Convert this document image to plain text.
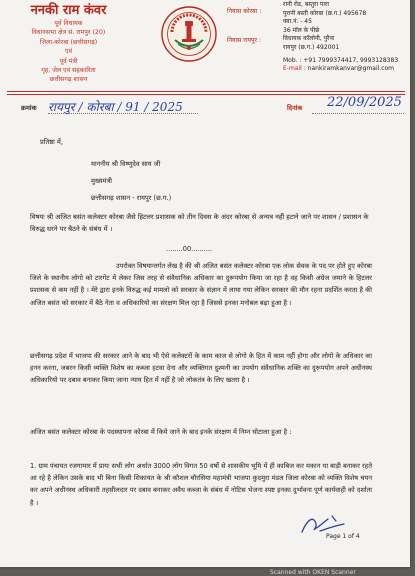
ननकी राम कंवर
पूर्व विधायक
विधानसभा क्षेत्र सं. रामपुर (20)
जिला-कोरबा (छत्तीसगढ़)
एवं
पूर्व मंत्री
गृह, जेल एवं सहकारिता
छत्तीसगढ़ शासन
निवास कोरबा :
निवास रायपुर :
रानी रोड, बस्तुरा पारा
पुरानी बस्ती कोरबा (छ.ग.) 495678
क्वा.नं. - 45
36 मॉल के पीछे
विधायक कॉलोनी, पुरैना
रायपुर (छ.ग.) 492001
Mob. : +91 7999374417, 9993128383
E-mail : nankiramkanvar@gmail.com
क्रमांक रायपुर / कोरबा / 91 / 2025	दिनांक 22/09/2025
प्रतिष्ठा में,
माननीय श्री विष्णुदेव साय जी
मुख्यमंत्री
छत्तीसगढ़ शासन - रायपुर (छ.ग.)
विषयः श्री अजित बसंत कलेक्टर कोरबा जैसे हिटलर प्रशासक को तीन दिवस के अंदर कोरबा से अन्यत्र नहीं हटाने जाने पर शासन / प्रशासन के विरुद्ध धरने पर बैठने के संबंध में ।
........00..........
उपरोक्त विषयान्तर्गत लेख है की श्री अजित बसंत कलेक्टर कोरबा एक लोक सेवक के पद पर होते हुए कोरबा जिले के स्थानीय लोगो को टारगेट में लेकर जिस तरह से संवैधानिक अधिकार का दुरूपयोग किया जा रहा है वह किसी अंग्रेज जमाने के हिटलर प्रशासक से कम नहीं है । मेरे द्वारा इनके विरुद्ध कई मामलो को सरकार के संज्ञान में लाया गया लेकिन सरकार की मौन रहना प्रदर्शित करता है की अजित बसंत को सरकार में बैठे नेता व अधिकारियो का संरक्षण मिल रहा है जिससे इनका मनोबल बढ़ा हुआ है ।
छत्तीसगढ़ प्रदेश में भाजपा की सरकार आने के बाद भी ऐसे कलेक्टरों के काम काज से लोगो के हित में काम नहीं होगा और लोगो के अधिकार का हनन करना, जबरन किसी व्यक्ति विशेष का कब्जा हटवा देना और व्यक्तिगत दुश्मनी का उपयोग संवैधानिक शक्ति का दुरूपयोग अपने अधीनस्थ अधिकारियो पर दबाव बनाकर किया जाना न्याय हित में नहीं है जो लोकतंत्र के लिए खतरा है ।
अजित बसंत कलेक्टर कोरबा के पदस्थापना कोरबा में किये जाने के बाद इनके संरक्षण में निम्न घोटाला हुआ है :
1. ग्राम पंचायत रजगामार में प्रायः सभी लोग अर्थात 3000 लोग विगत 50 वर्षो से शासकीय भूमि में ही काबिज कर मकान या बाड़ी बनाकर रहते आ रहे है लेकिन उसके बाद भी बिना किसी शिकायत के श्री कौशल चौरसिया महामंत्री भाजपा कुदमुरा मंडल जिला कोरबा को व्यक्ति विशेष चयन कर अपने अधीनस्थ अधिकारी तहसीलदार पर दबाव बनाकर अवैध कब्जा के संबंध में नोटिस भेजना स्पष्ट इनका दुर्भावना पूर्ण कार्यवाही को दर्शाता है ।
Page 1 of 4
Scanned with OKEN Scanner
